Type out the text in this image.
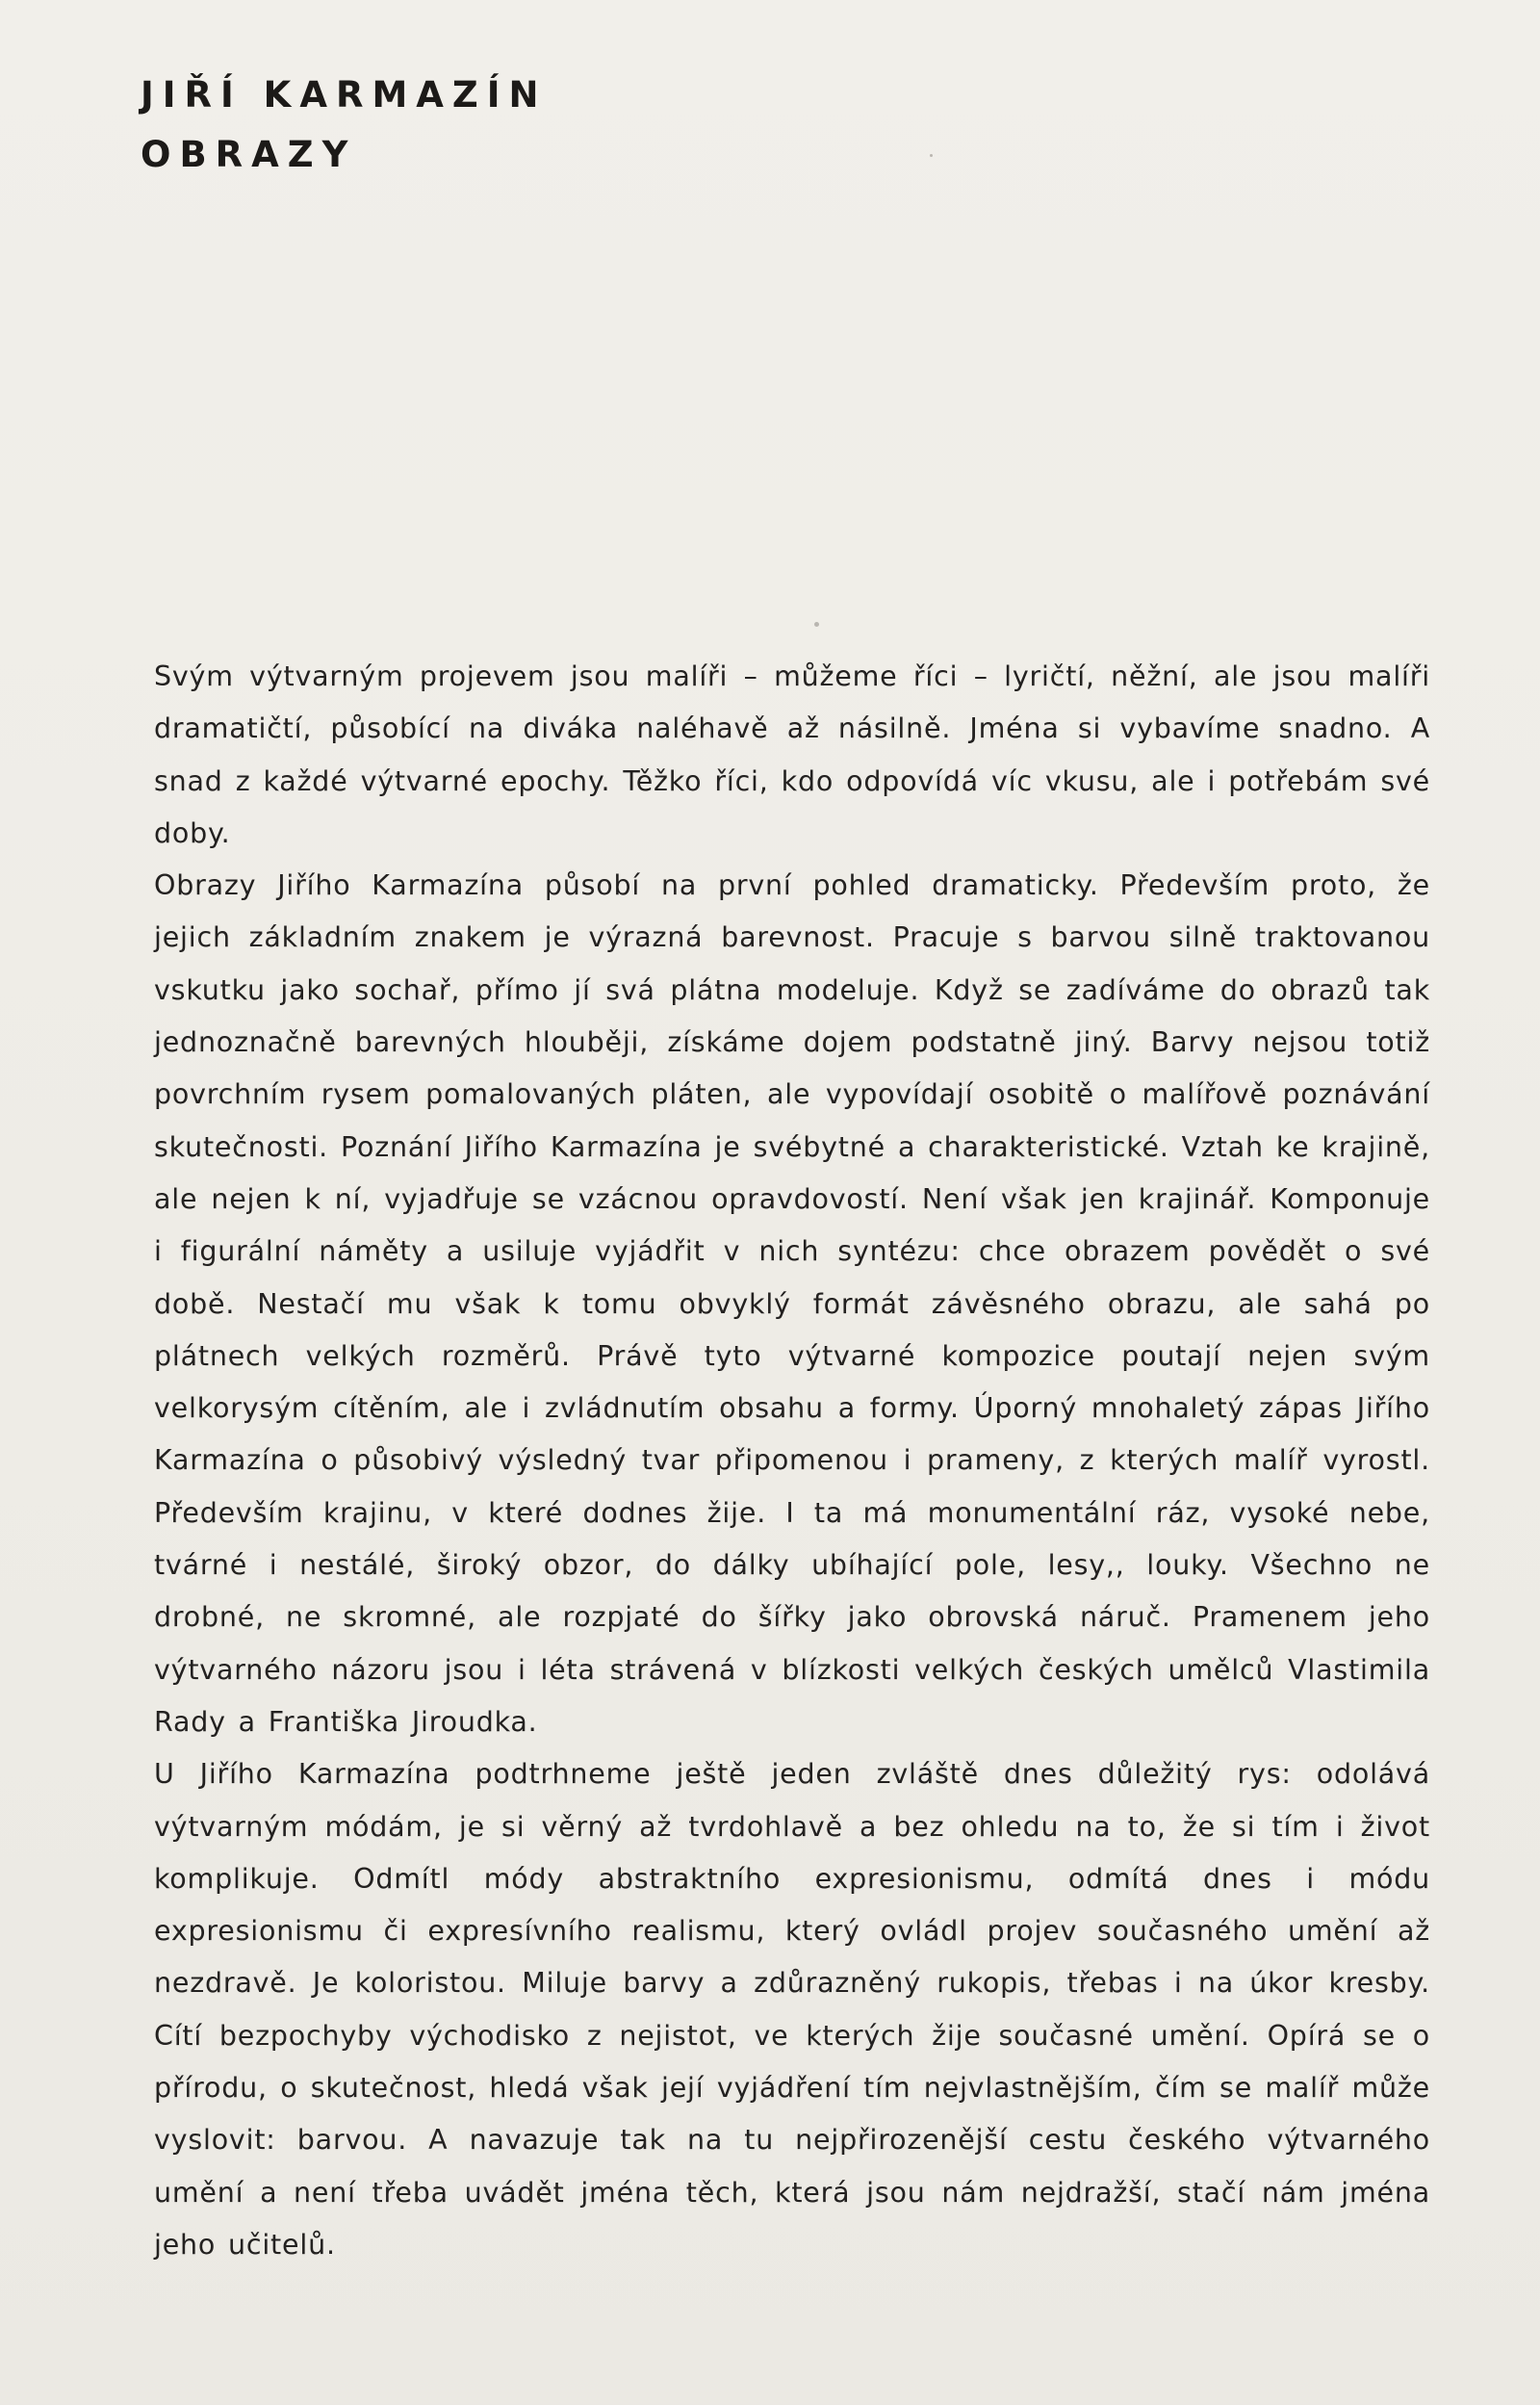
JIŘÍ KARMAZÍN
OBRAZY

Svým výtvarným projevem jsou malíři – můžeme říci – lyričtí, něžní, ale jsou malíři dramatičtí, působící na diváka naléhavě až násilně. Jména si vybavíme snadno. A snad z každé výtvarné epochy. Těžko říci, kdo odpovídá víc vkusu, ale i potřebám své doby.

Obrazy Jiřího Karmazína působí na první pohled dramaticky. Především proto, že jejich základním znakem je výrazná barevnost. Pracuje s barvou silně traktovanou vskutku jako sochař, přímo jí svá plátna modeluje. Když se zadíváme do obrazů tak jednoznačně barevných hlouběji, získáme dojem podstatně jiný. Barvy nejsou totiž povrchním rysem pomalovaných pláten, ale vypovídají osobitě o malířově poznávání skutečnosti. Poznání Jiřího Karmazína je svébytné a charakteristické. Vztah ke krajině, ale nejen k ní, vyjadřuje se vzácnou opravdovostí. Není však jen krajinář. Komponuje i figurální náměty a usiluje vyjádřit v nich syntézu: chce obrazem povědět o své době. Nestačí mu však k tomu obvyklý formát závěsného obrazu, ale sahá po plátnech velkých rozměrů. Právě tyto výtvarné kompozice poutají nejen svým velkorysým cítěním, ale i zvládnutím obsahu a formy. Úporný mnohaletý zápas Jiřího Karmazína o působivý výsledný tvar připomenou i prameny, z kterých malíř vyrostl. Především krajinu, v které dodnes žije. I ta má monumentální ráz, vysoké nebe, tvárné i nestálé, široký obzor, do dálky ubíhající pole, lesy,, louky. Všechno ne drobné, ne skromné, ale rozpjaté do šířky jako obrovská náruč. Pramenem jeho výtvarného názoru jsou i léta strávená v blízkosti velkých českých umělců Vlastimila Rady a Františka Jiroudka.

U Jiřího Karmazína podtrhneme ještě jeden zvláště dnes důležitý rys: odolává výtvarným módám, je si věrný až tvrdohlavě a bez ohledu na to, že si tím i život komplikuje. Odmítl módy abstraktního expresionismu, odmítá dnes i módu expresionismu či expresívního realismu, který ovládl projev současného umění až nezdravě. Je koloristou. Miluje barvy a zdůrazněný rukopis, třebas i na úkor kresby. Cítí bezpochyby východisko z nejistot, ve kterých žije současné umění. Opírá se o přírodu, o skutečnost, hledá však její vyjádření tím nejvlastnějším, čím se malíř může vyslovit: barvou. A navazuje tak na tu nejpřirozenější cestu českého výtvarného umění a není třeba uvádět jména těch, která jsou nám nejdražší, stačí nám jména jeho učitelů.
